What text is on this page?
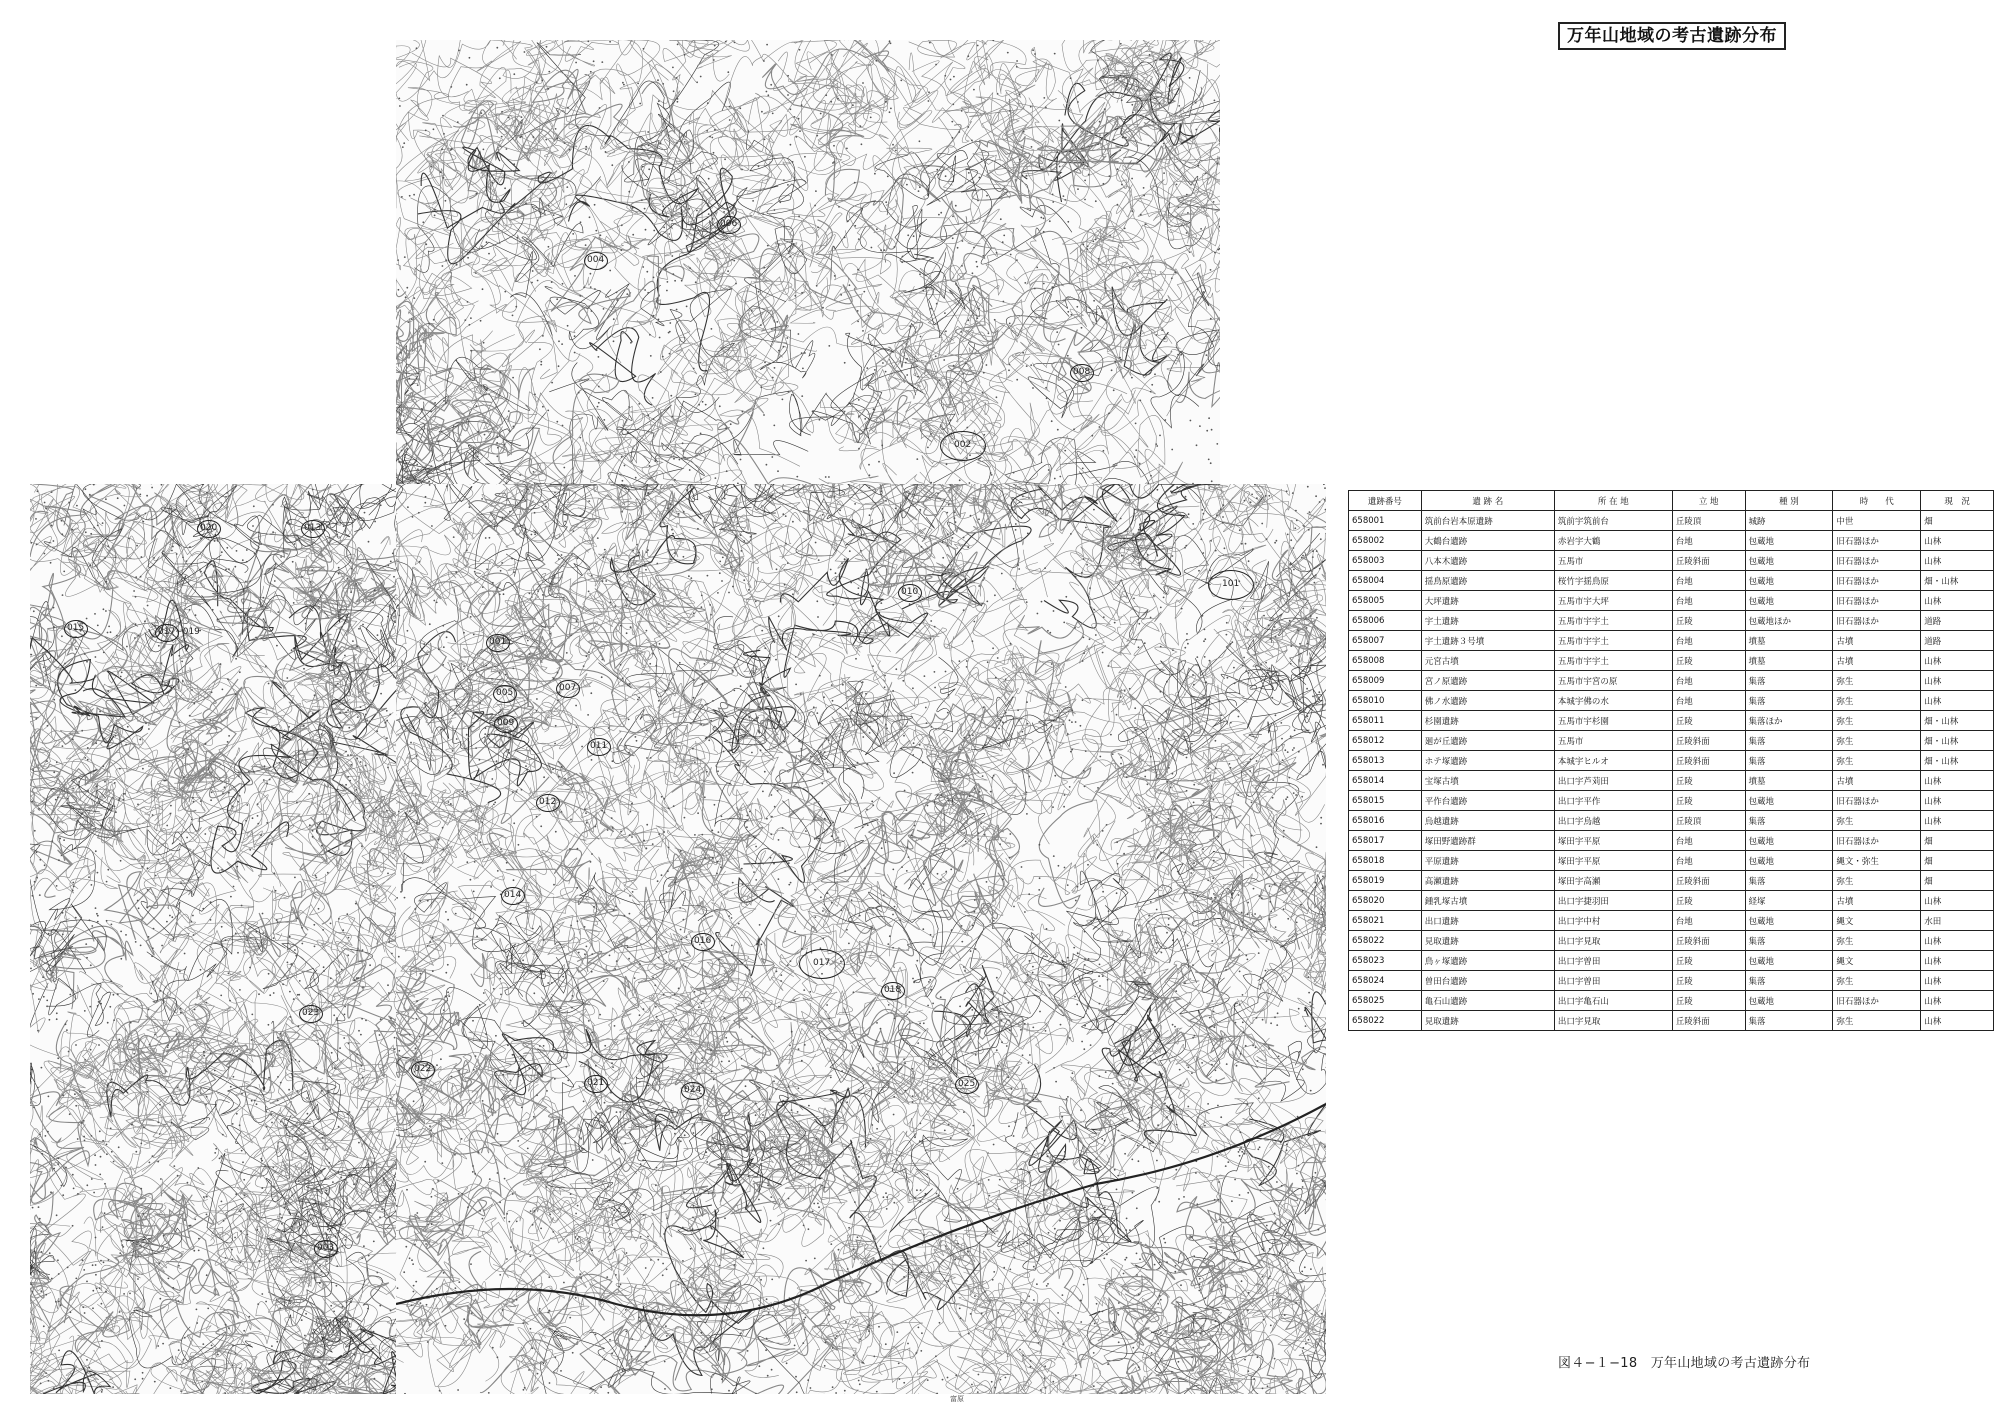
万年山地域の考古遺跡分布
001
002
003
004
005
006
007
008
009
010
011
012
013
014
015
016
017
018
017~019
020
021
022
023
024
025
101
富原
遺跡番号	遺 跡 名	所 在 地	立 地	種 別	時　　代	現　況
658001	筑前台岩本原遺跡	筑前宇筑前台	丘陵頂	城跡	中世	畑
658002	大鶴台遺跡	赤岩宇大鶴	台地	包蔵地	旧石器ほか	山林
658003	八本木遺跡	五馬市	丘陵斜面	包蔵地	旧石器ほか	山林
658004	揺鳥原遺跡	桜竹宇揺鳥原	台地	包蔵地	旧石器ほか	畑・山林
658005	大坪遺跡	五馬市宇大坪	台地	包蔵地	旧石器ほか	山林
658006	宇土遺跡	五馬市宇宇土	丘陵	包蔵地ほか	旧石器ほか	道路
658007	宇土遺跡３号墳	五馬市宇宇土	台地	墳墓	古墳	道路
658008	元宮古墳	五馬市宇宇土	丘陵	墳墓	古墳	山林
658009	宮ノ原遺跡	五馬市宇宮の原	台地	集落	弥生	山林
658010	佛ノ水遺跡	本城宇佛の水	台地	集落	弥生	山林
658011	杉園遺跡	五馬市宇杉園	丘陵	集落ほか	弥生	畑・山林
658012	廻が丘遺跡	五馬市	丘陵斜面	集落	弥生	畑・山林
658013	ホテ塚遺跡	本城宇ヒルオ	丘陵斜面	集落	弥生	畑・山林
658014	宝塚古墳	出口宇芦苅田	丘陵	墳墓	古墳	山林
658015	平作台遺跡	出口宇平作	丘陵	包蔵地	旧石器ほか	山林
658016	烏越遺跡	出口宇烏越	丘陵頂	集落	弥生	山林
658017	塚田野遺跡群	塚田宇平原	台地	包蔵地	旧石器ほか	畑
658018	平原遺跡	塚田宇平原	台地	包蔵地	縄文・弥生	畑
658019	高瀬遺跡	塚田宇高瀬	丘陵斜面	集落	弥生	畑
658020	鍾乳塚古墳	出口宇捷羽田	丘陵	経塚	古墳	山林
658021	出口遺跡	出口宇中村	台地	包蔵地	縄文	水田
658022	見取遺跡	出口宇見取	丘陵斜面	集落	弥生	山林
658023	鳥ヶ塚遺跡	出口宇曽田	丘陵	包蔵地	縄文	山林
658024	曽田台遺跡	出口宇曽田	丘陵	集落	弥生	山林
658025	亀石山遺跡	出口宇亀石山	丘陵	包蔵地	旧石器ほか	山林
658022	見取遺跡	出口宇見取	丘陵斜面	集落	弥生	山林
図４−１−18　万年山地域の考古遺跡分布
